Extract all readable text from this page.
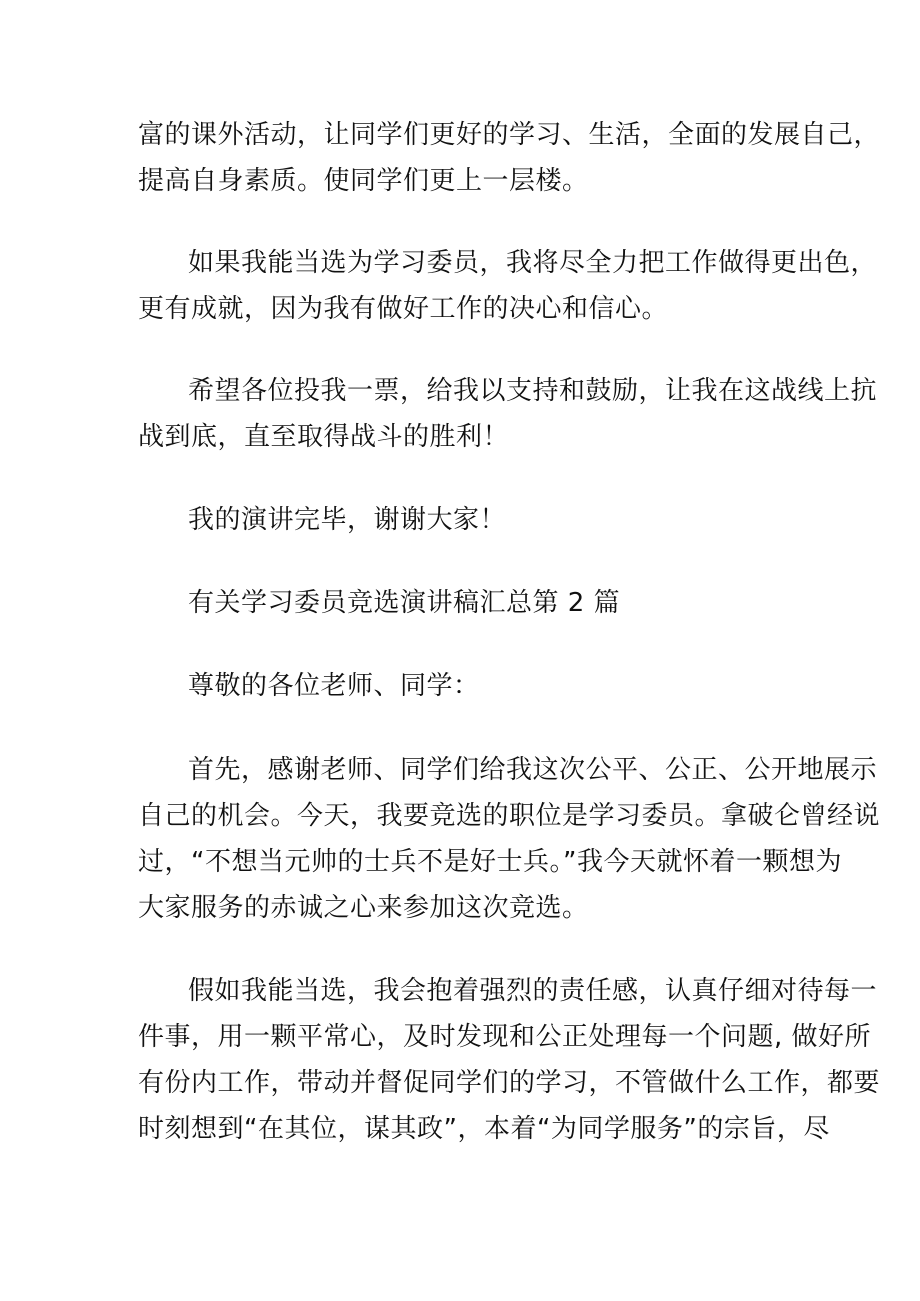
富的课外活动，让同学们更好的学习、生活，全面的发展自己，
提高自身素质。使同学们更上一层楼。
如果我能当选为学习委员，我将尽全力把工作做得更出色，
更有成就，因为我有做好工作的决心和信心。
希望各位投我一票，给我以支持和鼓励，让我在这战线上抗
战到底，直至取得战斗的胜利！
我的演讲完毕，谢谢大家！
有关学习委员竞选演讲稿汇总第 2 篇
尊敬的各位老师、同学：
首先，感谢老师、同学们给我这次公平、公正、公开地展示
自己的机会。今天，我要竞选的职位是学习委员。拿破仑曾经说
过，“不想当元帅的士兵不是好士兵。”我今天就怀着一颗想为
大家服务的赤诚之心来参加这次竞选。
假如我能当选，我会抱着强烈的责任感，认真仔细对待每一
件事，用一颗平常心，及时发现和公正处理每一个问题, 做好所
有份内工作，带动并督促同学们的学习，不管做什么工作，都要
时刻想到“在其位，谋其政”，本着“为同学服务”的宗旨，尽
